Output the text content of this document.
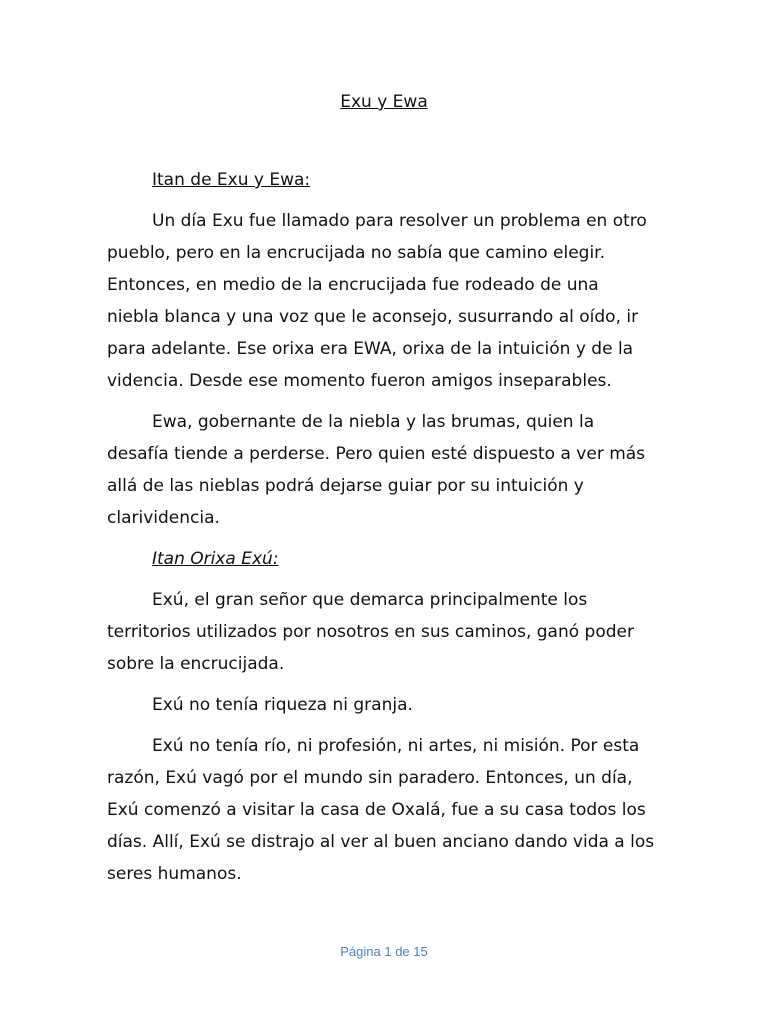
Exu y Ewa

Itan de Exu y Ewa:

Un día Exu fue llamado para resolver un problema en otro pueblo, pero en la encrucijada no sabía que camino elegir. Entonces, en medio de la encrucijada fue rodeado de una niebla blanca y una voz que le aconsejo, susurrando al oído, ir para adelante. Ese orixa era EWA, orixa de la intuición y de la videncia. Desde ese momento fueron amigos inseparables.

Ewa, gobernante de la niebla y las brumas, quien la desafía tiende a perderse. Pero quien esté dispuesto a ver más allá de las nieblas podrá dejarse guiar por su intuición y clarividencia.

Itan Orixa Exú:

Exú, el gran señor que demarca principalmente los territorios utilizados por nosotros en sus caminos, ganó poder sobre la encrucijada.

Exú no tenía riqueza ni granja.

Exú no tenía río, ni profesión, ni artes, ni misión. Por esta razón, Exú vagó por el mundo sin paradero. Entonces, un día, Exú comenzó a visitar la casa de Oxalá, fue a su casa todos los días. Allí, Exú se distrajo al ver al buen anciano dando vida a los seres humanos.

Página 1 de 15
